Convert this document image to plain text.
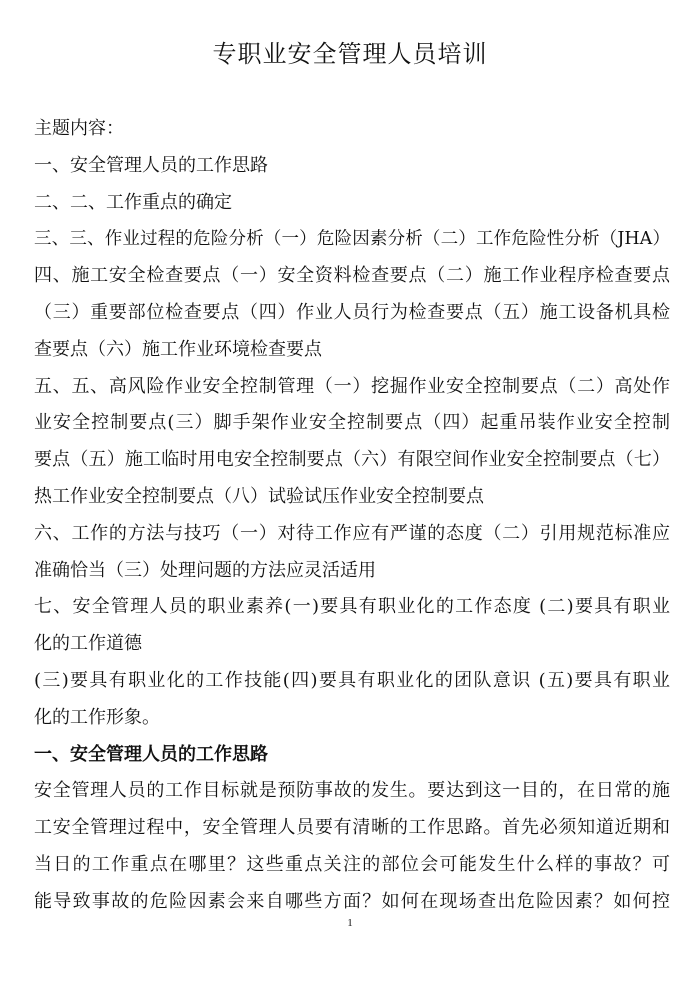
专职业安全管理人员培训
主题内容：
一、安全管理人员的工作思路
二、二、工作重点的确定
三、三、作业过程的危险分析（一）危险因素分析（二）工作危险性分析（JHA）
四、施工安全检查要点（一）安全资料检查要点（二）施工作业程序检查要点
（三）重要部位检查要点（四）作业人员行为检查要点（五）施工设备机具检
查要点（六）施工作业环境检查要点
五、五、高风险作业安全控制管理（一）挖掘作业安全控制要点（二）高处作
业安全控制要点(三）脚手架作业安全控制要点（四）起重吊装作业安全控制
要点（五）施工临时用电安全控制要点（六）有限空间作业安全控制要点（七）
热工作业安全控制要点（八）试验试压作业安全控制要点
六、工作的方法与技巧（一）对待工作应有严谨的态度（二）引用规范标准应
准确恰当（三）处理问题的方法应灵活适用
七、安全管理人员的职业素养(一)要具有职业化的工作态度 (二)要具有职业
化的工作道德
(三)要具有职业化的工作技能(四)要具有职业化的团队意识 (五)要具有职业
化的工作形象。
一、安全管理人员的工作思路
安全管理人员的工作目标就是预防事故的发生。要达到这一目的，在日常的施
工安全管理过程中，安全管理人员要有清晰的工作思路。首先必须知道近期和
当日的工作重点在哪里？这些重点关注的部位会可能发生什么样的事故？可
能导致事故的危险因素会来自哪些方面？如何在现场查出危险因素？如何控
1
